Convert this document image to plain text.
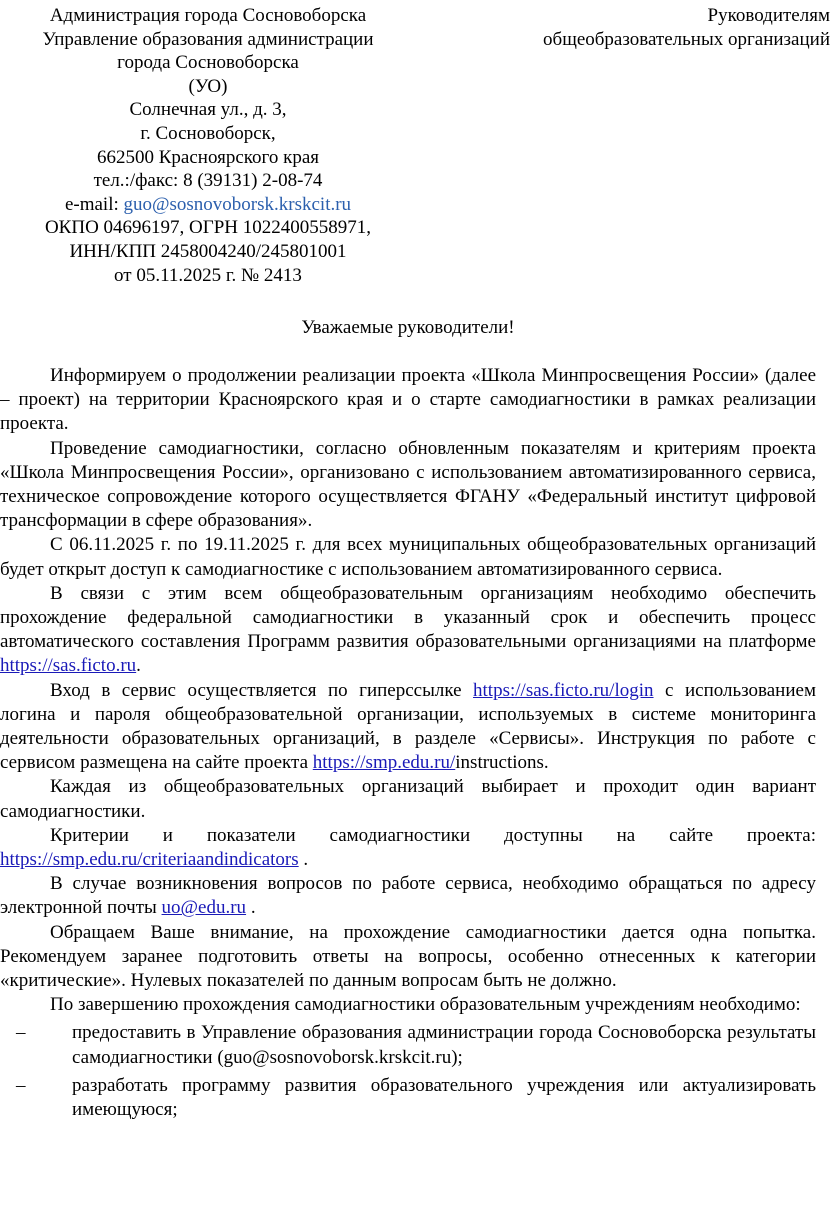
Администрация города Сосновоборска
Управление образования администрации
города Сосновоборска
(УО)
Солнечная ул., д. 3,
г. Сосновоборск,
662500 Красноярского края
тел.:/факс: 8 (39131) 2-08-74
e-mail: guo@sosnovoborsk.krskcit.ru
ОКПО 04696197, ОГРН 1022400558971,
ИНН/КПП 2458004240/245801001
от 05.11.2025 г. № 2413
Руководителям
общеобразовательных организаций
Уважаемые руководители!

Информируем о продолжении реализации проекта «Школа Минпросвещения России» (далее – проект) на территории Красноярского края и о старте самодиагностики в рамках реализации проекта.

Проведение самодиагностики, согласно обновленным показателям и критериям проекта «Школа Минпросвещения России», организовано с использованием автоматизированного сервиса, техническое сопровождение которого осуществляется ФГАНУ «Федеральный институт цифровой трансформации в сфере образования».

С 06.11.2025 г. по 19.11.2025 г. для всех муниципальных общеобразовательных организаций будет открыт доступ к самодиагностике с использованием автоматизированного сервиса.

В связи с этим всем общеобразовательным организациям необходимо обеспечить прохождение федеральной самодиагностики в указанный срок и обеспечить процесс автоматического составления Программ развития образовательными организациями на платформе https://sas.ficto.ru.

Вход в сервис осуществляется по гиперссылке https://sas.ficto.ru/login с использованием логина и пароля общеобразовательной организации, используемых в системе мониторинга деятельности образовательных организаций, в разделе «Сервисы». Инструкция по работе с сервисом размещена на сайте проекта https://smp.edu.ru/instructions.

Каждая из общеобразовательных организаций выбирает и проходит один вариант самодиагностики.

Критерии и показатели самодиагностики доступны на сайте проекта: https://smp.edu.ru/criteriaandindicators .

В случае возникновения вопросов по работе сервиса, необходимо обращаться по адресу электронной почты uo@edu.ru .

Обращаем Ваше внимание, на прохождение самодиагностики дается одна попытка. Рекомендуем заранее подготовить ответы на вопросы, особенно отнесенных к категории «критические». Нулевых показателей по данным вопросам быть не должно.

По завершению прохождения самодиагностики образовательным учреждениям необходимо:

–	предоставить в Управление образования администрации города Сосновоборска результаты самодиагностики (guo@sosnovoborsk.krskcit.ru);
–	разработать программу развития образовательного учреждения или актуализировать имеющуюся;
